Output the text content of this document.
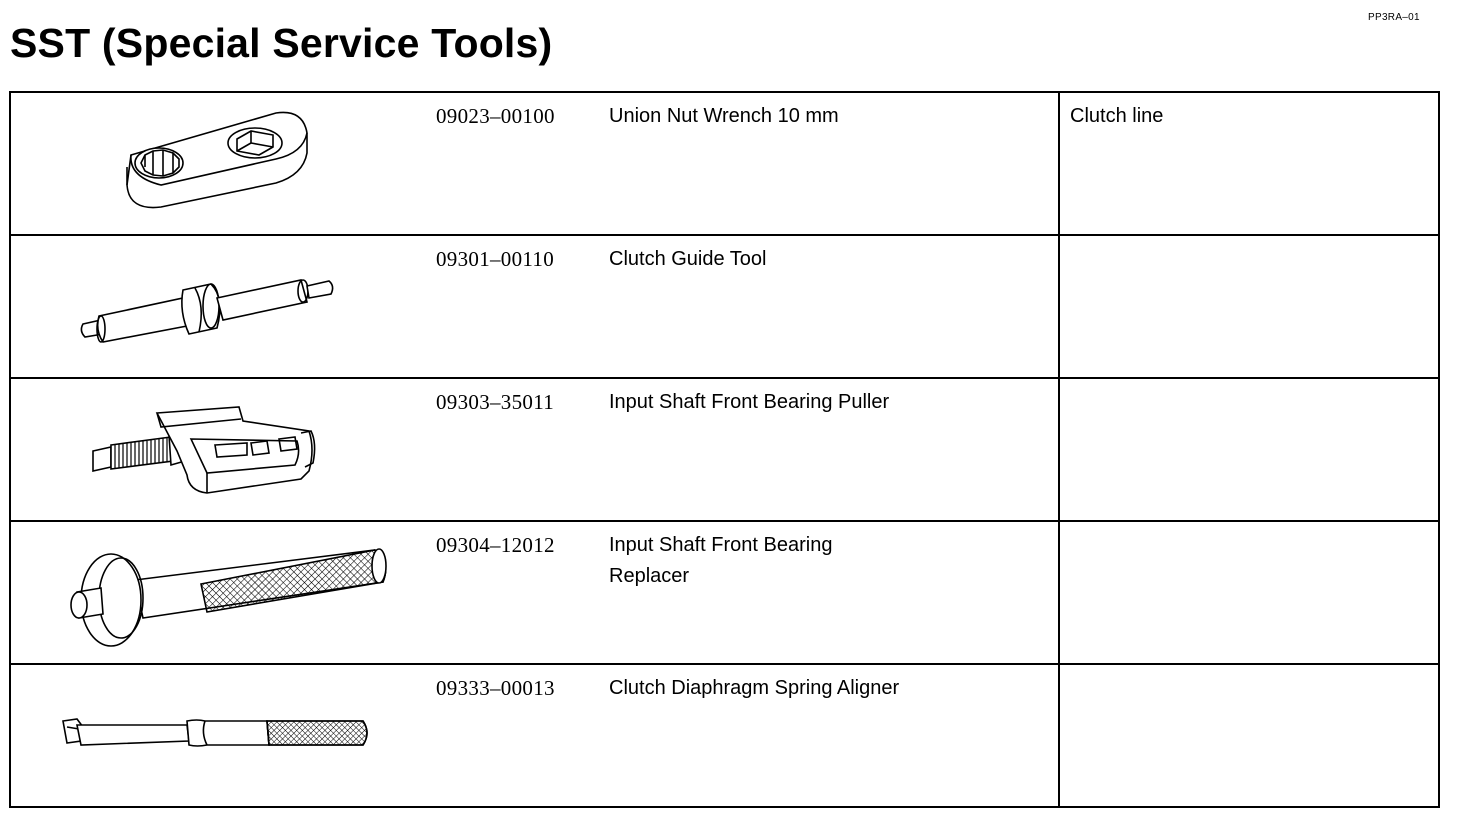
PP3RA–01
SST (Special Service Tools)
09023–00100	Union Nut Wrench 10 mm	Clutch line
09301–00110	Clutch Guide Tool
09303–35011	Input Shaft Front Bearing Puller
09304–12012	Input Shaft Front Bearing
Replacer
09333–00013	Clutch Diaphragm Spring Aligner
